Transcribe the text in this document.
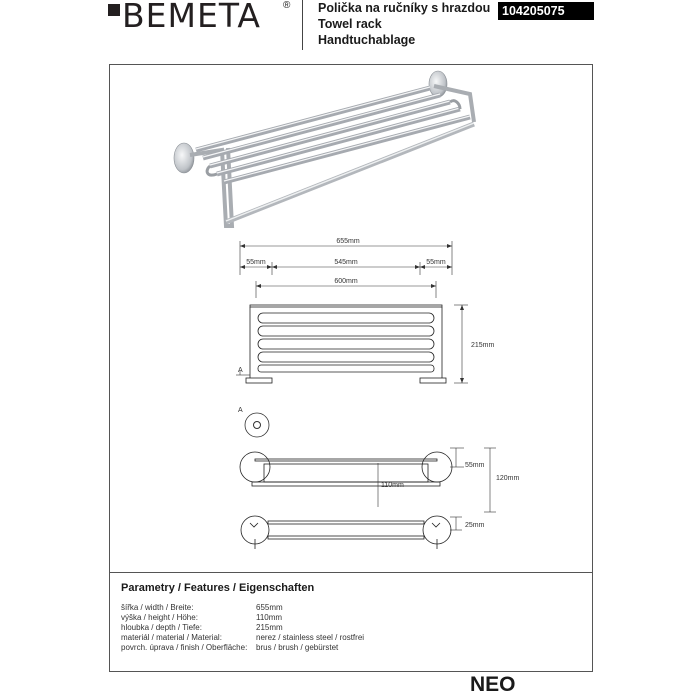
BEMETA ® Polička na ručníky s hrazdou
Towel rack
Handtuchablage
104205075
655mm
55mm	545mm	55mm
600mm
215mm
A
A
110mm
55mm
120mm
25mm
Parametry / Features / Eigenschaften
šířka / width / Breite:	655mm
výška / height / Höhe:	110mm
hloubka / depth / Tiefe:	215mm
materiál / material / Material:	nerez / stainless steel / rostfrei
povrch. úprava / finish / Oberfläche: brus / brush / gebürstet
NEO
